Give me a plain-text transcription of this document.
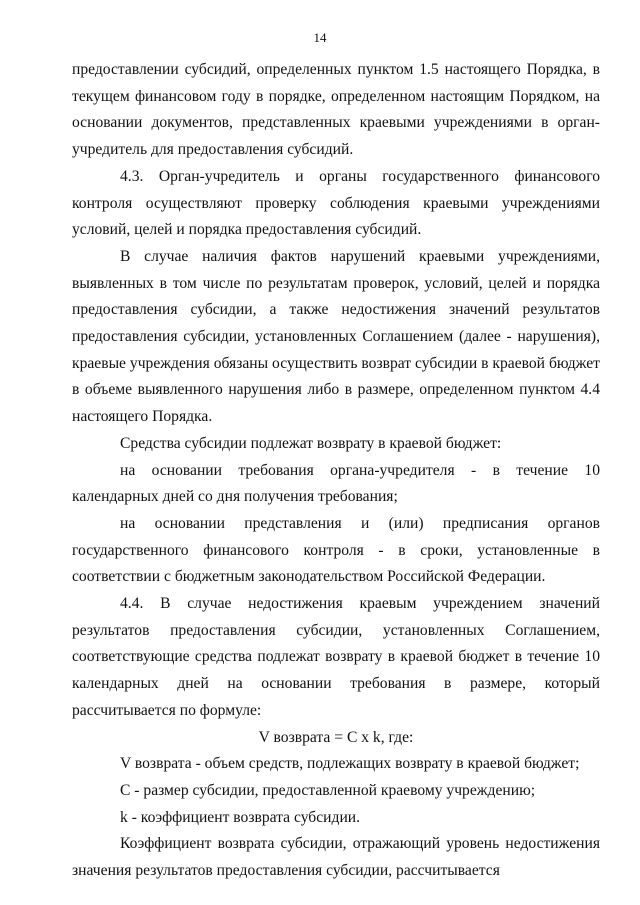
14

предоставлении субсидий, определенных пунктом 1.5 настоящего Порядка, в текущем финансовом году в порядке, определенном настоящим Порядком, на основании документов, представленных краевыми учреждениями в орган-учредитель для предоставления субсидий.

4.3. Орган-учредитель и органы государственного финансового контроля осуществляют проверку соблюдения краевыми учреждениями условий, целей и порядка предоставления субсидий.

В случае наличия фактов нарушений краевыми учреждениями, выявленных в том числе по результатам проверок, условий, целей и порядка предоставления субсидии, а также недостижения значений результатов предоставления субсидии, установленных Соглашением (далее - нарушения), краевые учреждения обязаны осуществить возврат субсидии в краевой бюджет в объеме выявленного нарушения либо в размере, определенном пунктом 4.4 настоящего Порядка.

Средства субсидии подлежат возврату в краевой бюджет:

на основании требования органа-учредителя - в течение 10 календарных дней со дня получения требования;

на основании представления и (или) предписания органов государственного финансового контроля - в сроки, установленные в соответствии с бюджетным законодательством Российской Федерации.

4.4. В случае недостижения краевым учреждением значений результатов предоставления субсидии, установленных Соглашением, соответствующие средства подлежат возврату в краевой бюджет в течение 10 календарных дней на основании требования в размере, который рассчитывается по формуле:

V возврата = C x k, где:

V возврата - объем средств, подлежащих возврату в краевой бюджет;

C - размер субсидии, предоставленной краевому учреждению;

k - коэффициент возврата субсидии.

Коэффициент возврата субсидии, отражающий уровень недостижения значения результатов предоставления субсидии, рассчитывается
